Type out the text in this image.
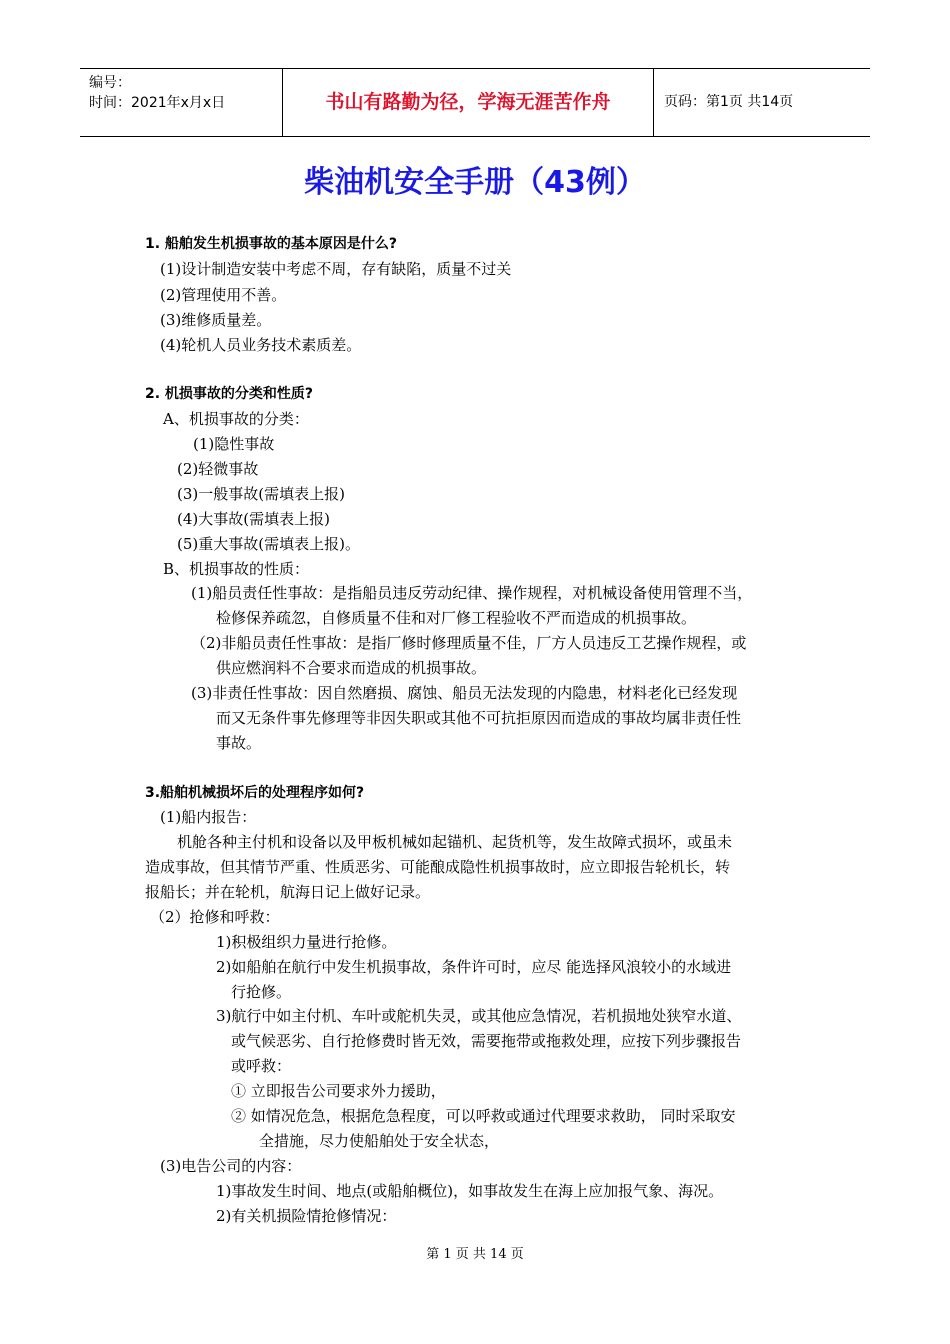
编号：
时间：2021年x月x日	书山有路勤为径，学海无涯苦作舟	页码：第1页 共14页
柴油机安全手册（43例）
1. 船舶发生机损事故的基本原因是什么?
(1)设计制造安装中考虑不周，存有缺陷，质量不过关
(2)管理使用不善。
(3)维修质量差。
(4)轮机人员业务技术素质差。
2. 机损事故的分类和性质?
A、机损事故的分类：
(1)隐性事故
(2)轻微事故
(3)一般事故(需填表上报)
(4)大事故(需填表上报)
(5)重大事故(需填表上报)。
B、机损事故的性质：
(1)船员责任性事故：是指船员违反劳动纪律、操作规程，对机械设备使用管理不当，
检修保养疏忽，自修质量不佳和对厂修工程验收不严而造成的机损事故。
（2)非船员责任性事故：是指厂修时修理质量不佳，厂方人员违反工艺操作规程，或
供应燃润料不合要求而造成的机损事故。
(3)非责任性事故：因自然磨损、腐蚀、船员无法发现的内隐患，材料老化已经发现
而又无条件事先修理等非因失职或其他不可抗拒原因而造成的事故均属非责任性
事故。
3.船舶机械损坏后的处理程序如何?
(1)船内报告：
机舱各种主付机和设备以及甲板机械如起锚机、起货机等，发生故障式损坏，或虽未
造成事故，但其情节严重、性质恶劣、可能酿成隐性机损事故时，应立即报告轮机长，转
报船长；并在轮机，航海日记上做好记录。
（2）抢修和呼救：
1)积极组织力量进行抢修。
2)如船舶在航行中发生机损事故，条件许可时，应尽 能选择风浪较小的水域进
行抢修。
3)航行中如主付机、车叶或舵机失灵，或其他应急情况，若机损地处狭窄水道、
或气候恶劣、自行抢修费时皆无效，需要拖带或拖救处理，应按下列步骤报告
或呼救：
① 立即报告公司要求外力援助，
② 如情况危急，根据危急程度，可以呼救或通过代理要求救助， 同时采取安
全措施，尽力使船舶处于安全状态，
(3)电告公司的内容：
1)事故发生时间、地点(或船舶概位)，如事故发生在海上应加报气象、海况。
2)有关机损险情抢修情况：
第 1 页 共 14 页
